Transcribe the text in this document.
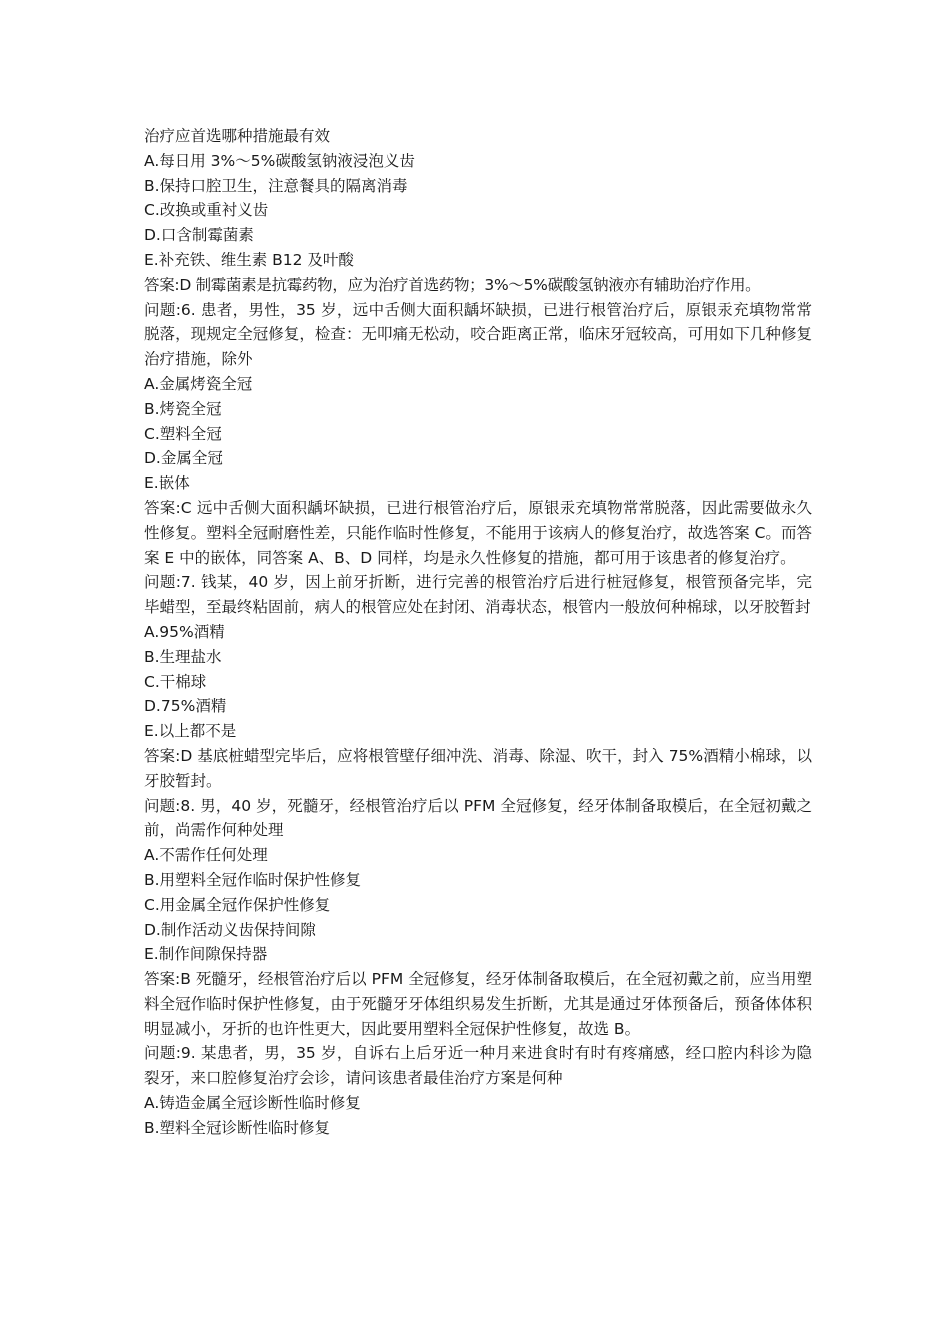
治疗应首选哪种措施最有效

A.每日用 3%～5%碳酸氢钠液浸泡义齿

B.保持口腔卫生，注意餐具的隔离消毒

C.改换或重衬义齿

D.口含制霉菌素

E.补充铁、维生素 B12 及叶酸

答案:D 制霉菌素是抗霉药物，应为治疗首选药物；3%～5%碳酸氢钠液亦有辅助治疗作用。

问题:6. 患者，男性，35 岁，远中舌侧大面积龋坏缺损，已进行根管治疗后，原银汞充填物常常脱落，现规定全冠修复，检查：无叩痛无松动，咬合距离正常，临床牙冠较高，可用如下几种修复治疗措施，除外

A.金属烤瓷全冠

B.烤瓷全冠

C.塑料全冠

D.金属全冠

E.嵌体

答案:C 远中舌侧大面积龋坏缺损，已进行根管治疗后，原银汞充填物常常脱落，因此需要做永久性修复。塑料全冠耐磨性差，只能作临时性修复，不能用于该病人的修复治疗，故选答案 C。而答案 E 中的嵌体，同答案 A、B、D 同样，均是永久性修复的措施，都可用于该患者的修复治疗。

问题:7. 钱某，40 岁，因上前牙折断，进行完善的根管治疗后进行桩冠修复，根管预备完毕，完毕蜡型，至最终粘固前，病人的根管应处在封闭、消毒状态，根管内一般放何种棉球，以牙胶暂封

A.95%酒精

B.生理盐水

C.干棉球

D.75%酒精

E.以上都不是

答案:D 基底桩蜡型完毕后，应将根管壁仔细冲洗、消毒、除湿、吹干，封入 75%酒精小棉球，以牙胶暂封。

问题:8. 男，40 岁，死髓牙，经根管治疗后以 PFM 全冠修复，经牙体制备取模后，在全冠初戴之前，尚需作何种处理

A.不需作任何处理

B.用塑料全冠作临时保护性修复

C.用金属全冠作保护性修复

D.制作活动义齿保持间隙

E.制作间隙保持器

答案:B 死髓牙，经根管治疗后以 PFM 全冠修复，经牙体制备取模后，在全冠初戴之前，应当用塑料全冠作临时保护性修复，由于死髓牙牙体组织易发生折断，尤其是通过牙体预备后，预备体体积明显减小，牙折的也许性更大，因此要用塑料全冠保护性修复，故选 B。

问题:9. 某患者，男，35 岁，自诉右上后牙近一种月来进食时有时有疼痛感，经口腔内科诊为隐裂牙，来口腔修复治疗会诊，请问该患者最佳治疗方案是何种

A.铸造金属全冠诊断性临时修复

B.塑料全冠诊断性临时修复
